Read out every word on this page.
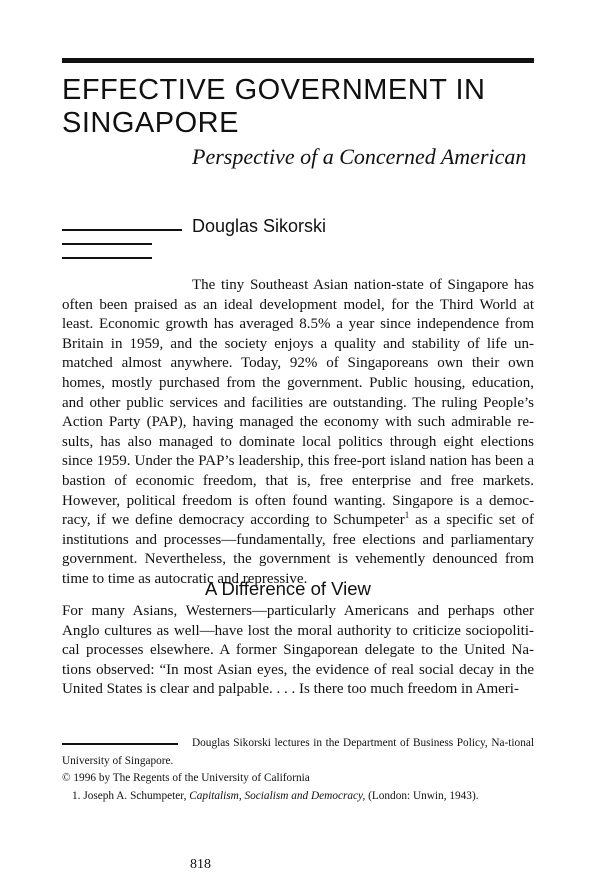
EFFECTIVE GOVERNMENT IN
SINGAPORE
Perspective of a Concerned American
Douglas Sikorski

The tiny Southeast Asian nation-state of Singapore has often been praised as an ideal development model, for the Third World at least. Economic growth has averaged 8.5% a year since independence from Britain in 1959, and the society enjoys a quality and stability of life un-matched almost anywhere. Today, 92% of Singaporeans own their own homes, mostly purchased from the government. Public housing, education, and other public services and facilities are outstanding. The ruling People’s Action Party (PAP), having managed the economy with such admirable re-sults, has also managed to dominate local politics through eight elections since 1959. Under the PAP’s leadership, this free-port island nation has been a bastion of economic freedom, that is, free enterprise and free markets. However, political freedom is often found wanting. Singapore is a democ-racy, if we define democracy according to Schumpeter$^1$ as a specific set of institutions and processes—fundamentally, free elections and parliamentary government. Nevertheless, the government is vehemently denounced from time to time as autocratic and repressive.

A Difference of View

For many Asians, Westerners—particularly Americans and perhaps other Anglo cultures as well—have lost the moral authority to criticize sociopoliti-cal processes elsewhere. A former Singaporean delegate to the United Na-tions observed: “In most Asian eyes, the evidence of real social decay in the United States is clear and palpable. . . . Is there too much freedom in Ameri-

Douglas Sikorski lectures in the Department of Business Policy, Na-tional University of Singapore.

© 1996 by The Regents of the University of California

1. Joseph A. Schumpeter, Capitalism, Socialism and Democracy, (London: Unwin, 1943).

818
